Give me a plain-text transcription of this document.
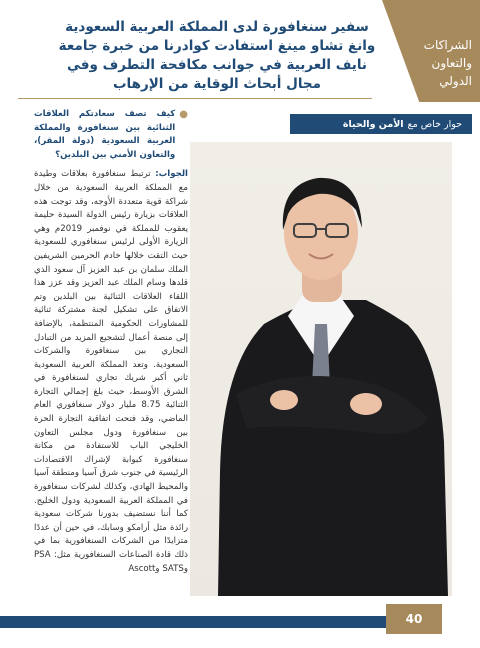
الشراكات
والتعاون
الدولي
سفير سنغافورة لدى المملكة العربية السعودية وانغ تشاو مينغ استفادت كوادرنا من خبرة جامعة نايف العربية في جوانب مكافحة التطرف وفي مجال أبحاث الوقاية من الإرهاب
حوار خاص مع
الأمن والحياة
●
كيف تصف سعادتكم العلاقات الثنائية بين سنغافورة والمملكة العربية السعودية (دولة المقر)، والتعاون الأمني بين البلدين؟

الجواب: ترتبط سنغافورة بعلاقات وطيدة مع المملكة العربية السعودية من خلال شراكة قوية متعددة الأوجه، وقد توجت هذه العلاقات بزيارة رئيس الدولة السيدة حليمة يعقوب للمملكة في نوفمبر 2019م وهي الزيارة الأولى لرئيس سنغافوري للسعودية حيث التقت خلالها خادم الحرمين الشريفين الملك سلمان بن عبد العزيز آل سعود الذي قلدها وسام الملك عبد العزيز وقد عزز هذا اللقاء العلاقات الثنائية بين البلدين وتم الاتفاق على تشكيل لجنة مشتركة ثنائية للمشاورات الحكومية المنتظمة، بالإضافة إلى منصة أعمال لتشجيع المزيد من التبادل التجاري بين سنغافورة والشركات السعودية. وتعد المملكة العربية السعودية ثاني أكبر شريك تجاري لسنغافورة في الشرق الأوسط، حيث بلغ إجمالي التجارة الثنائية 8.75 مليار دولار سنغافوري العام الماضي، وقد فتحت اتفاقية التجارة الحرة بين سنغافورة ودول مجلس التعاون الخليجي الباب للاستفادة من مكانة سنغافورة كبوابة لإشراك الاقتصادات الرئيسية في جنوب شرق آسيا ومنطقة آسيا والمحيط الهادي، وكذلك لشركات سنغافورة في المملكة العربية السعودية ودول الخليج. كما أننا نستضيف بدورنا شركات سعودية رائدة مثل أرامكو وسابك، في حين أن عددًا متزايدًا من الشركات السنغافورية بما في ذلك قادة الصناعات السنغافورية مثل: PSA وSATS وAscott

40
